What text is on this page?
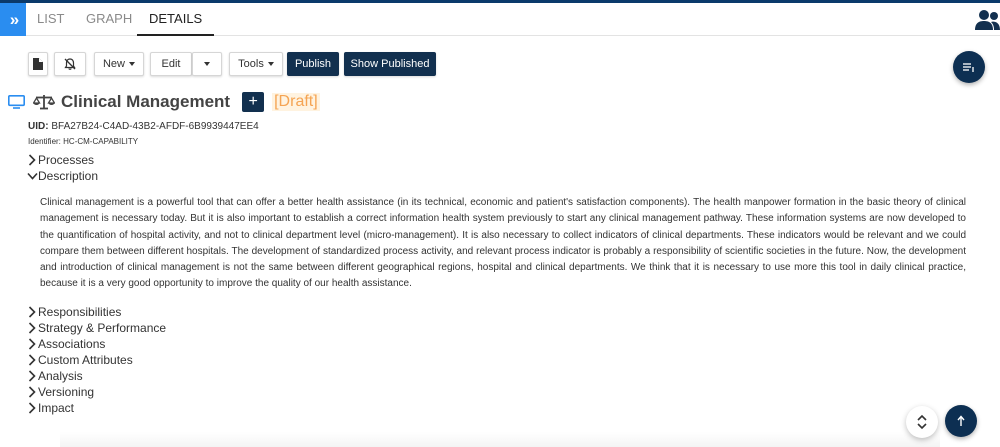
» LIST GRAPH	DETAILS
New	Edit	Tools	Publish	Show Published
Clinical Management	+	[Draft]
UID: BFA27B24-C4AD-43B2-AFDF-6B9939447EE4
Identifier: HC-CM-CAPABILITY
Processes
Description
Clinical management is a powerful tool that can offer a better health assistance (in its technical, economic and patient's satisfaction components). The health manpower formation in the basic theory of clinical management is necessary today. But it is also important to establish a correct information health system previously to start any clinical management pathway. These information systems are now developed to the quantification of hospital activity, and not to clinical department level (micro-management). It is also necessary to collect indicators of clinical departments. These indicators would be relevant and we could compare them between different hospitals. The development of standardized process activity, and relevant process indicator is probably a responsibility of scientific societies in the future. Now, the development and introduction of clinical management is not the same between different geographical regions, hospital and clinical departments. We think that it is necessary to use more this tool in daily clinical practice, because it is a very good opportunity to improve the quality of our health assistance.
Responsibilities
Strategy & Performance
Associations
Custom Attributes
Analysis
Versioning
Impact
